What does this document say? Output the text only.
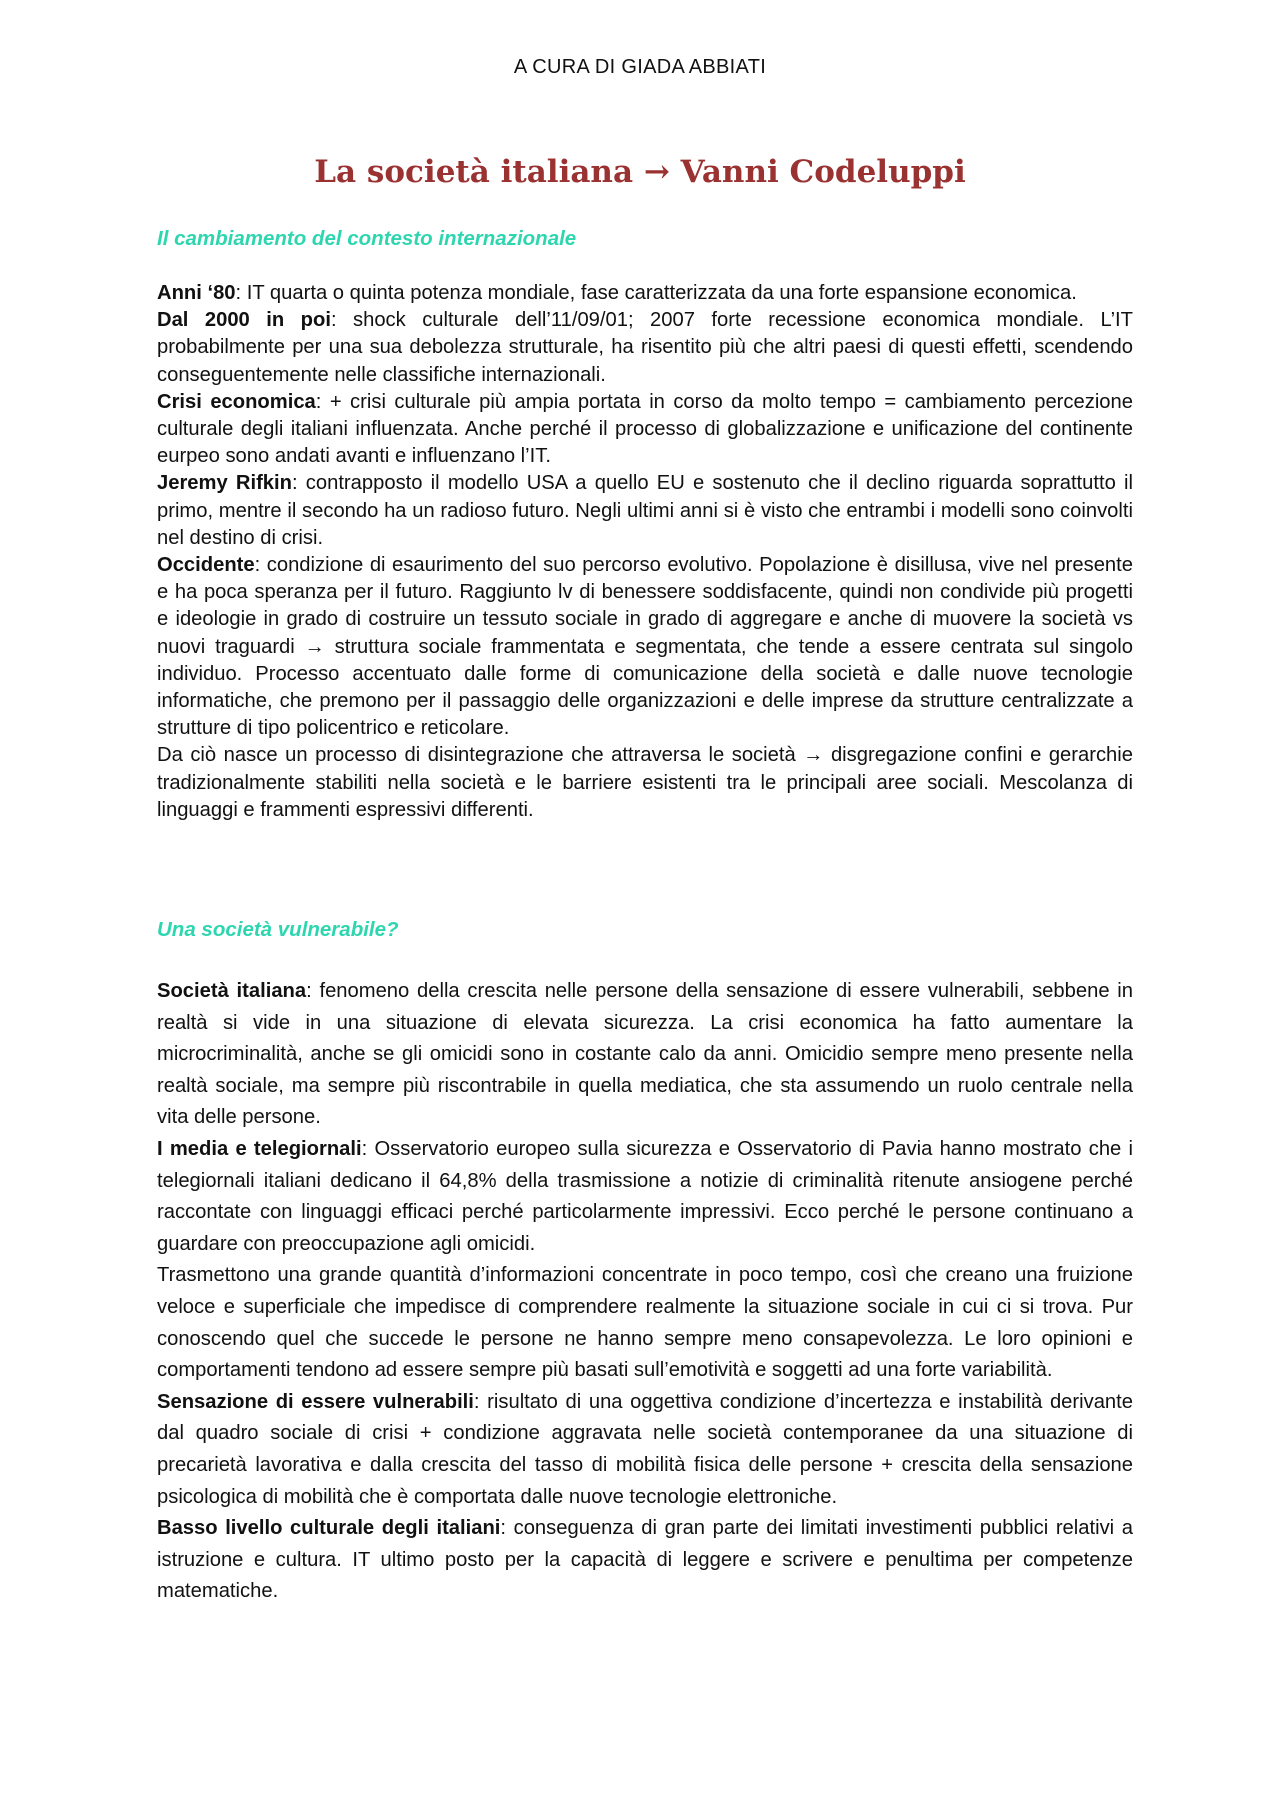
A CURA DI GIADA ABBIATI
La società italiana → Vanni Codeluppi
Il cambiamento del contesto internazionale

Anni ‘80: IT quarta o quinta potenza mondiale, fase caratterizzata da una forte espansione economica.

Dal 2000 in poi: shock culturale dell’11/09/01; 2007 forte recessione economica mondiale. L’IT probabilmente per una sua debolezza strutturale, ha risentito più che altri paesi di questi effetti, scendendo conseguentemente nelle classifiche internazionali.

Crisi economica: + crisi culturale più ampia portata in corso da molto tempo = cambiamento percezione culturale degli italiani influenzata. Anche perché il processo di globalizzazione e unificazione del continente eurpeo sono andati avanti e influenzano l’IT.

Jeremy Rifkin: contrapposto il modello USA a quello EU e sostenuto che il declino riguarda soprattutto il primo, mentre il secondo ha un radioso futuro. Negli ultimi anni si è visto che entrambi i modelli sono coinvolti nel destino di crisi.

Occidente: condizione di esaurimento del suo percorso evolutivo. Popolazione è disillusa, vive nel presente e ha poca speranza per il futuro. Raggiunto lv di benessere soddisfacente, quindi non condivide più progetti e ideologie in grado di costruire un tessuto sociale in grado di aggregare e anche di muovere la società vs nuovi traguardi → struttura sociale frammentata e segmentata, che tende a essere centrata sul singolo individuo. Processo accentuato dalle forme di comunicazione della società e dalle nuove tecnologie informatiche, che premono per il passaggio delle organizzazioni e delle imprese da strutture centralizzate a strutture di tipo policentrico e reticolare.

Da ciò nasce un processo di disintegrazione che attraversa le società → disgregazione confini e gerarchie tradizionalmente stabiliti nella società e le barriere esistenti tra le principali aree sociali. Mescolanza di linguaggi e frammenti espressivi differenti.

Una società vulnerabile?

Società italiana: fenomeno della crescita nelle persone della sensazione di essere vulnerabili, sebbene in realtà si vide in una situazione di elevata sicurezza. La crisi economica ha fatto aumentare la microcriminalità, anche se gli omicidi sono in costante calo da anni. Omicidio sempre meno presente nella realtà sociale, ma sempre più riscontrabile in quella mediatica, che sta assumendo un ruolo centrale nella vita delle persone.

I media e telegiornali: Osservatorio europeo sulla sicurezza e Osservatorio di Pavia hanno mostrato che i telegiornali italiani dedicano il 64,8% della trasmissione a notizie di criminalità ritenute ansiogene perché raccontate con linguaggi efficaci perché particolarmente impressivi. Ecco perché le persone continuano a guardare con preoccupazione agli omicidi.

Trasmettono una grande quantità d’informazioni concentrate in poco tempo, così che creano una fruizione veloce e superficiale che impedisce di comprendere realmente la situazione sociale in cui ci si trova. Pur conoscendo quel che succede le persone ne hanno sempre meno consapevolezza. Le loro opinioni e comportamenti tendono ad essere sempre più basati sull’emotività e soggetti ad una forte variabilità.

Sensazione di essere vulnerabili: risultato di una oggettiva condizione d’incertezza e instabilità derivante dal quadro sociale di crisi + condizione aggravata nelle società contemporanee da una situazione di precarietà lavorativa e dalla crescita del tasso di mobilità fisica delle persone + crescita della sensazione psicologica di mobilità che è comportata dalle nuove tecnologie elettroniche.

Basso livello culturale degli italiani: conseguenza di gran parte dei limitati investimenti pubblici relativi a istruzione e cultura. IT ultimo posto per la capacità di leggere e scrivere e penultima per competenze matematiche.
